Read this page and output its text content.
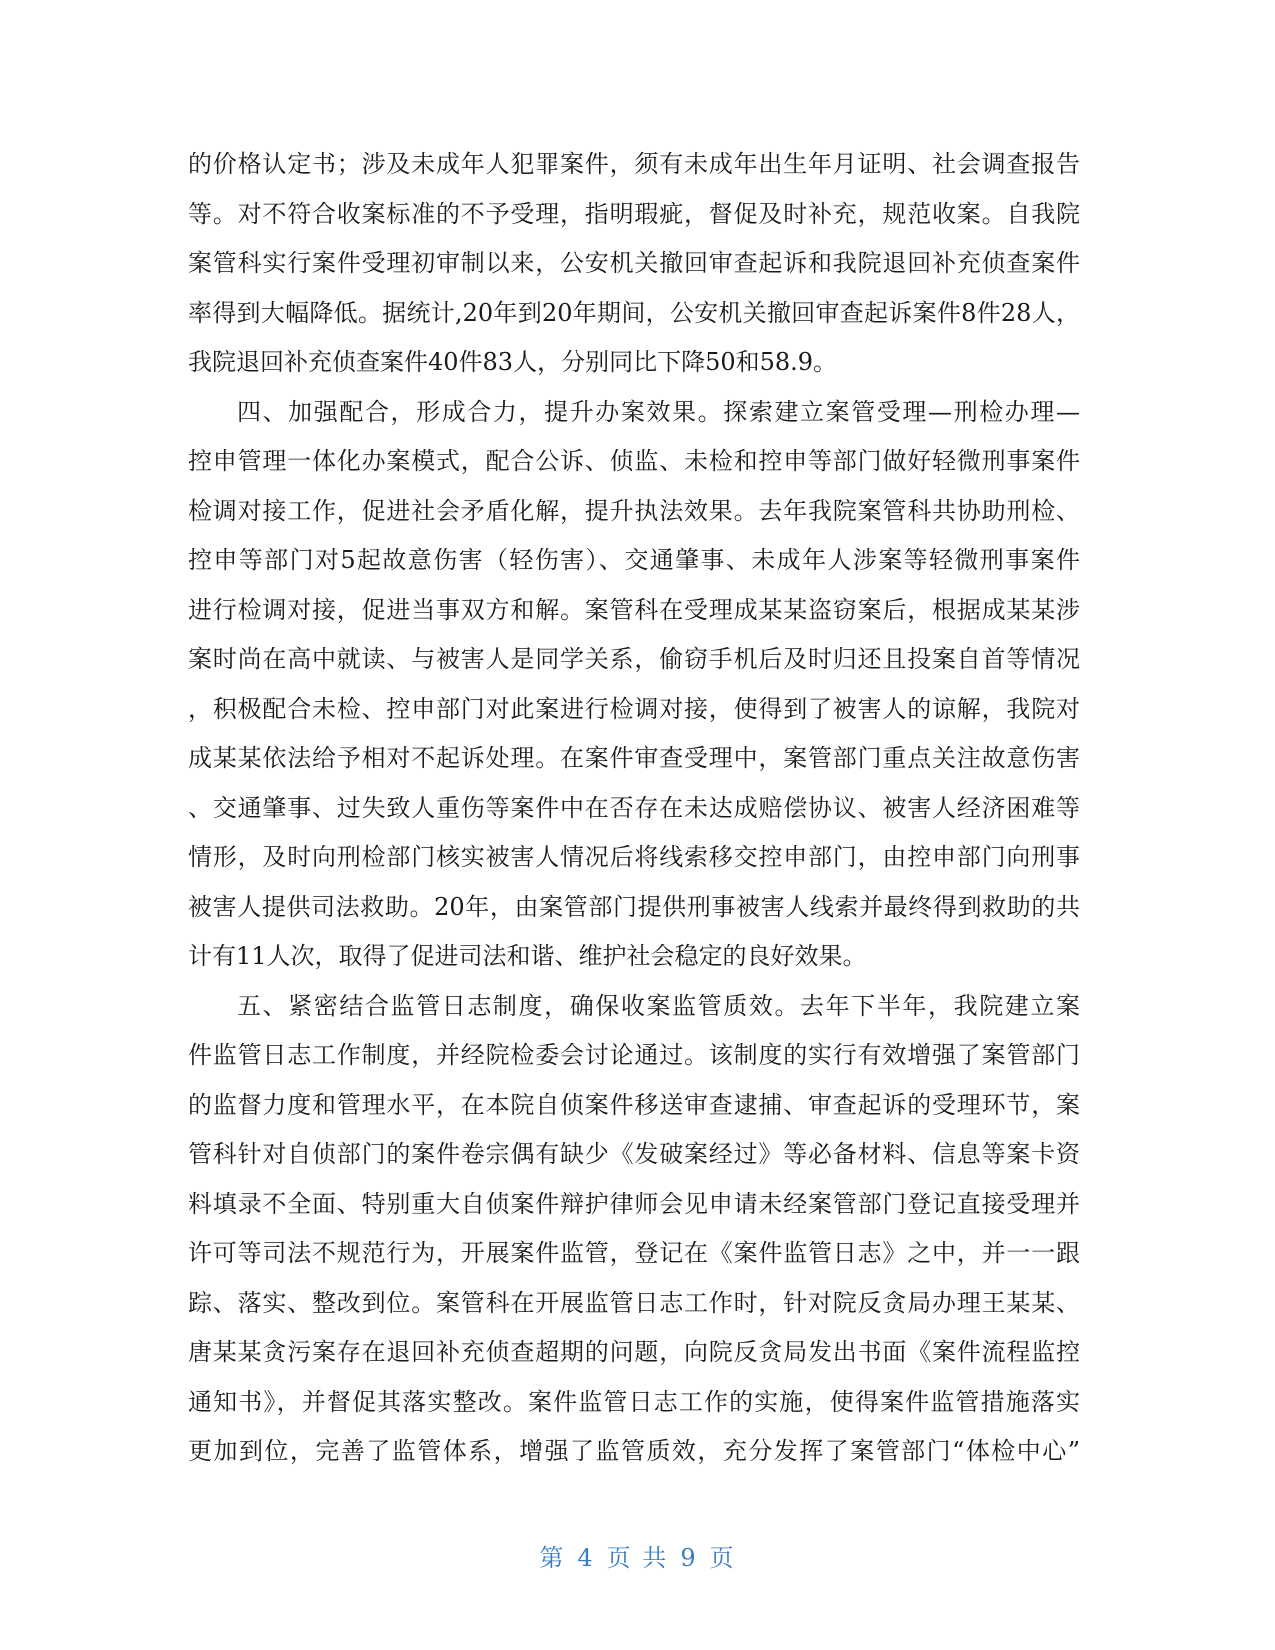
的价格认定书；涉及未成年人犯罪案件，须有未成年出生年月证明、社会调查报告
等。对不符合收案标准的不予受理，指明瑕疵，督促及时补充，规范收案。自我院
案管科实行案件受理初审制以来，公安机关撤回审查起诉和我院退回补充侦查案件
率得到大幅降低。据统计,20年到20年期间，公安机关撤回审查起诉案件8件28人，
我院退回补充侦查案件40件83人，分别同比下降50和58.9。
四、加强配合，形成合力，提升办案效果。探索建立案管受理—刑检办理—
控申管理一体化办案模式，配合公诉、侦监、未检和控申等部门做好轻微刑事案件
检调对接工作，促进社会矛盾化解，提升执法效果。去年我院案管科共协助刑检、
控申等部门对5起故意伤害（轻伤害）、交通肇事、未成年人涉案等轻微刑事案件
进行检调对接，促进当事双方和解。案管科在受理成某某盗窃案后，根据成某某涉
案时尚在高中就读、与被害人是同学关系，偷窃手机后及时归还且投案自首等情况
，积极配合未检、控申部门对此案进行检调对接，使得到了被害人的谅解，我院对
成某某依法给予相对不起诉处理。在案件审查受理中，案管部门重点关注故意伤害
、交通肇事、过失致人重伤等案件中在否存在未达成赔偿协议、被害人经济困难等
情形，及时向刑检部门核实被害人情况后将线索移交控申部门，由控申部门向刑事
被害人提供司法救助。20年，由案管部门提供刑事被害人线索并最终得到救助的共
计有11人次，取得了促进司法和谐、维护社会稳定的良好效果。
五、紧密结合监管日志制度，确保收案监管质效。去年下半年，我院建立案
件监管日志工作制度，并经院检委会讨论通过。该制度的实行有效增强了案管部门
的监督力度和管理水平，在本院自侦案件移送审查逮捕、审查起诉的受理环节，案
管科针对自侦部门的案件卷宗偶有缺少《发破案经过》等必备材料、信息等案卡资
料填录不全面、特别重大自侦案件辩护律师会见申请未经案管部门登记直接受理并
许可等司法不规范行为，开展案件监管，登记在《案件监管日志》之中，并一一跟
踪、落实、整改到位。案管科在开展监管日志工作时，针对院反贪局办理王某某、
唐某某贪污案存在退回补充侦查超期的问题，向院反贪局发出书面《案件流程监控
通知书》，并督促其落实整改。案件监管日志工作的实施，使得案件监管措施落实
更加到位，完善了监管体系，增强了监管质效，充分发挥了案管部门“体检中心”
第 4 页 共 9 页
